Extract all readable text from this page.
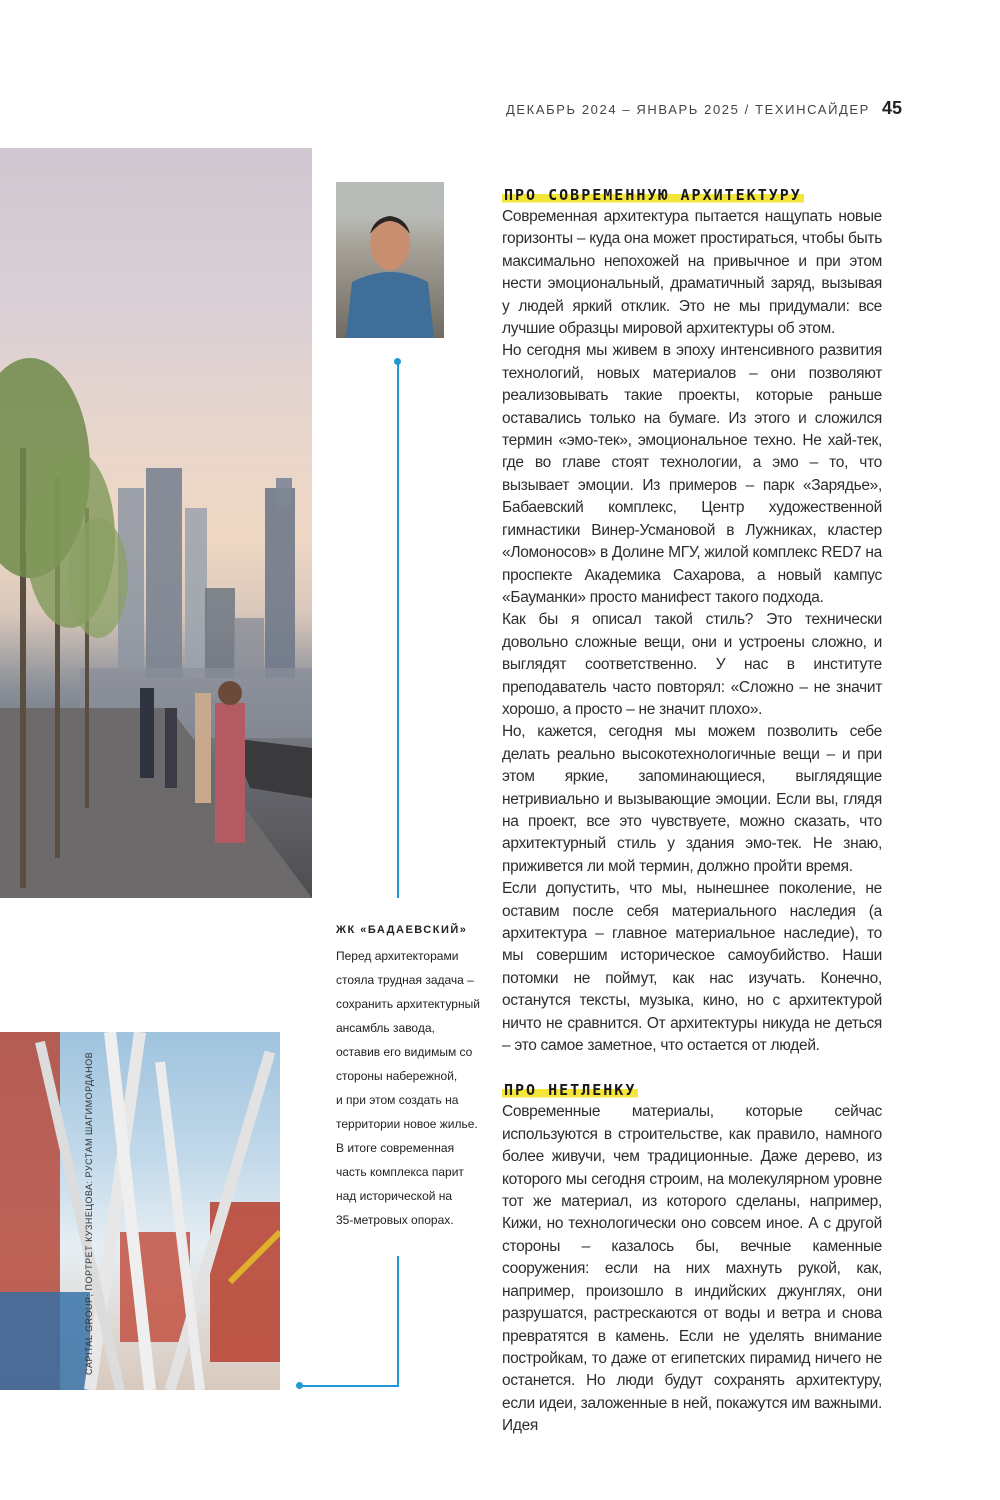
ДЕКАБРЬ 2024 – ЯНВАРЬ 2025 / ТЕХИНСАЙДЕР 45
CAPITAL GROUP; ПОРТРЕТ КУЗНЕЦОВА: РУСТАМ ШАГИМОРДАНОВ
ЖК «БАДАЕВСКИЙ»
Перед архитекторами
стояла трудная задача –
сохранить архитектурный
ансамбль завода,
оставив его видимым со
стороны набережной,
и при этом создать на
территории новое жилье.
В итоге современная
часть комплекса парит
над исторической на
35-метровых опорах.
ПРО СОВРЕМЕННУЮ АРХИТЕКТУРУ

Современная архитектура пытается нащупать новые горизонты – куда она может простираться, чтобы быть максимально непохожей на привычное и при этом нести эмоциональный, драматичный заряд, вызывая у людей яркий отклик. Это не мы придумали: все лучшие образцы мировой архитектуры об этом.

Но сегодня мы живем в эпоху интенсивного развития технологий, новых материалов – они позволяют реализовывать такие проекты, которые раньше оставались только на бумаге. Из этого и сложился термин «эмо-тек», эмоциональное техно. Не хай-тек, где во главе стоят технологии, а эмо – то, что вызывает эмоции. Из примеров – парк «Зарядье», Бабаевский комплекс, Центр художественной гимнастики Винер-Усмановой в Лужниках, кластер «Ломоносов» в Долине МГУ, жилой комплекс RED7 на проспекте Академика Сахарова, а новый кампус «Бауманки» просто манифест такого подхода.

Как бы я описал такой стиль? Это технически довольно сложные вещи, они и устроены сложно, и выглядят соответственно. У нас в институте преподаватель часто повторял: «Сложно – не значит хорошо, а просто – не значит плохо».

Но, кажется, сегодня мы можем позволить себе делать реально высокотехнологичные вещи – и при этом яркие, запоминающиеся, выглядящие нетривиально и вызывающие эмоции. Если вы, глядя на проект, все это чувствуете, можно сказать, что архитектурный стиль у здания эмо-тек. Не знаю, приживется ли мой термин, должно пройти время.

Если допустить, что мы, нынешнее поколение, не оставим после себя материального наследия (а архитектура – главное материальное наследие), то мы совершим историческое самоубийство. Наши потомки не поймут, как нас изучать. Конечно, останутся тексты, музыка, кино, но с архитектурой ничто не сравнится. От архитектуры никуда не деться – это самое заметное, что остается от людей.

ПРО НЕТЛЕНКУ

Современные материалы, которые сейчас используются в строительстве, как правило, намного более живучи, чем традиционные. Даже дерево, из которого мы сегодня строим, на молекулярном уровне тот же материал, из которого сделаны, например, Кижи, но технологически оно совсем иное. А с другой стороны – казалось бы, вечные каменные сооружения: если на них махнуть рукой, как, например, произошло в индийских джунглях, они разрушатся, растрескаются от воды и ветра и снова превратятся в камень. Если не уделять внимание постройкам, то даже от египетских пирамид ничего не останется. Но люди будут сохранять архитектуру, если идеи, заложенные в ней, покажутся им важными. Идея
